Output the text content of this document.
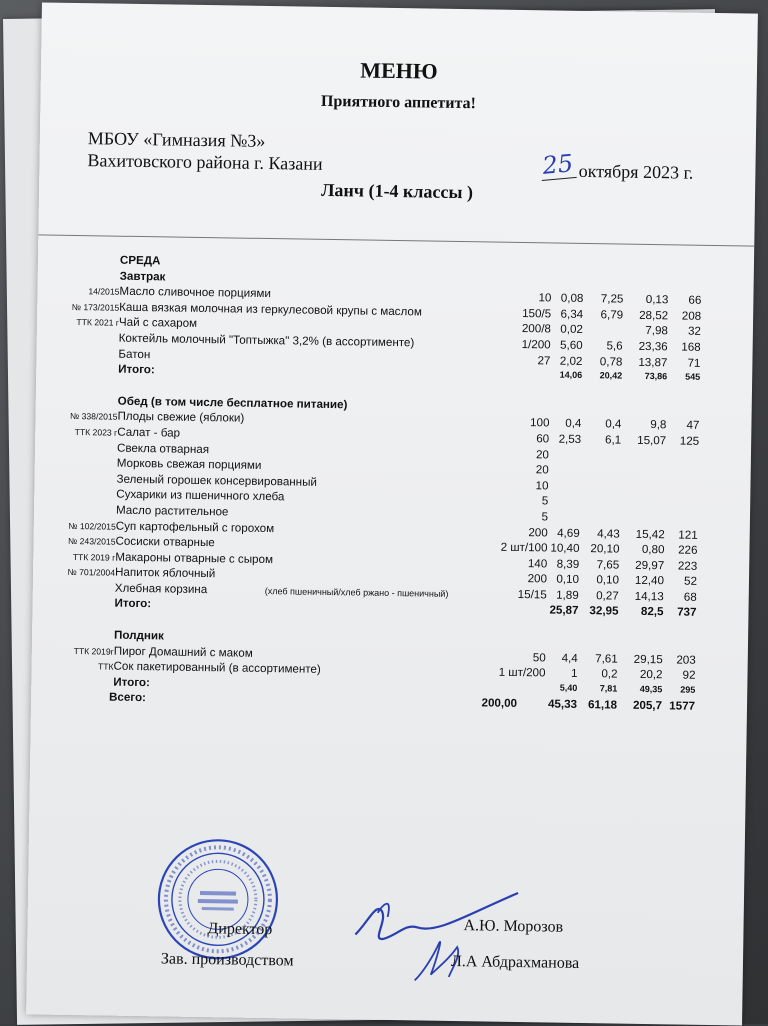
МЕНЮ
Приятного аппетита!
МБОУ «Гимназия №3»
Вахитовского района г. Казани	25 октября 2023 г.
Ланч (1-4 классы )
СРЕДА
Завтрак
14/2015 Масло сливочное порциями	10 0,08 7,25 0,13 66
№ 173/2015 Каша вязкая молочная из геркулесовой крупы с маслом	150/5 6,34 6,79 28,52 208
ТТК 2021 г Чай с сахаром	200/8 0,02	7,98 32
Коктейль молочный "Топтыжка" 3,2% (в ассортименте)	1/200 5,60 5,6 23,36 168
Батон	27 2,02 0,78 13,87 71
Итого:	14,06 20,42 73,86 545
Обед (в том числе бесплатное питание)
№ 338/2015 Плоды свежие (яблоки)	100 0,4 0,4 9,8 47
ТТК 2023 г Салат - бар	60 2,53 6,1 15,07 125
Свекла отварная	20
Морковь свежая порциями	20
Зеленый горошек консервированный	10
Сухарики из пшеничного хлеба	5
Масло растительное	5
№ 102/2015 Суп картофельный с горохом	200 4,69 4,43 15,42 121
№ 243/2015 Сосиски отварные	2 шт/100 10,40 20,10 0,80 226
ТТК 2019 г Макароны отварные с сыром	140 8,39 7,65 29,97 223
№ 701/2004 Напиток яблочный	200 0,10 0,10 12,40 52
Хлебная корзина	(хлеб пшеничный/хлеб ржано - пшеничный)	15/15 1,89 0,27 14,13 68
Итого:	25,87 32,95 82,5 737
Полдник
ТТК 2019г Пирог Домашний с маком	50 4,4 7,61 29,15 203
ТТК Сок пакетированный (в ассортименте)	1 шт/200 1 0,2 20,2 92
Итого:	5,40 7,81 49,35 295
Всего:	200,00	45,33 61,18 205,7 1577
Директор
Зав. производством
А.Ю. Морозов
Л.А Абдрахманова
